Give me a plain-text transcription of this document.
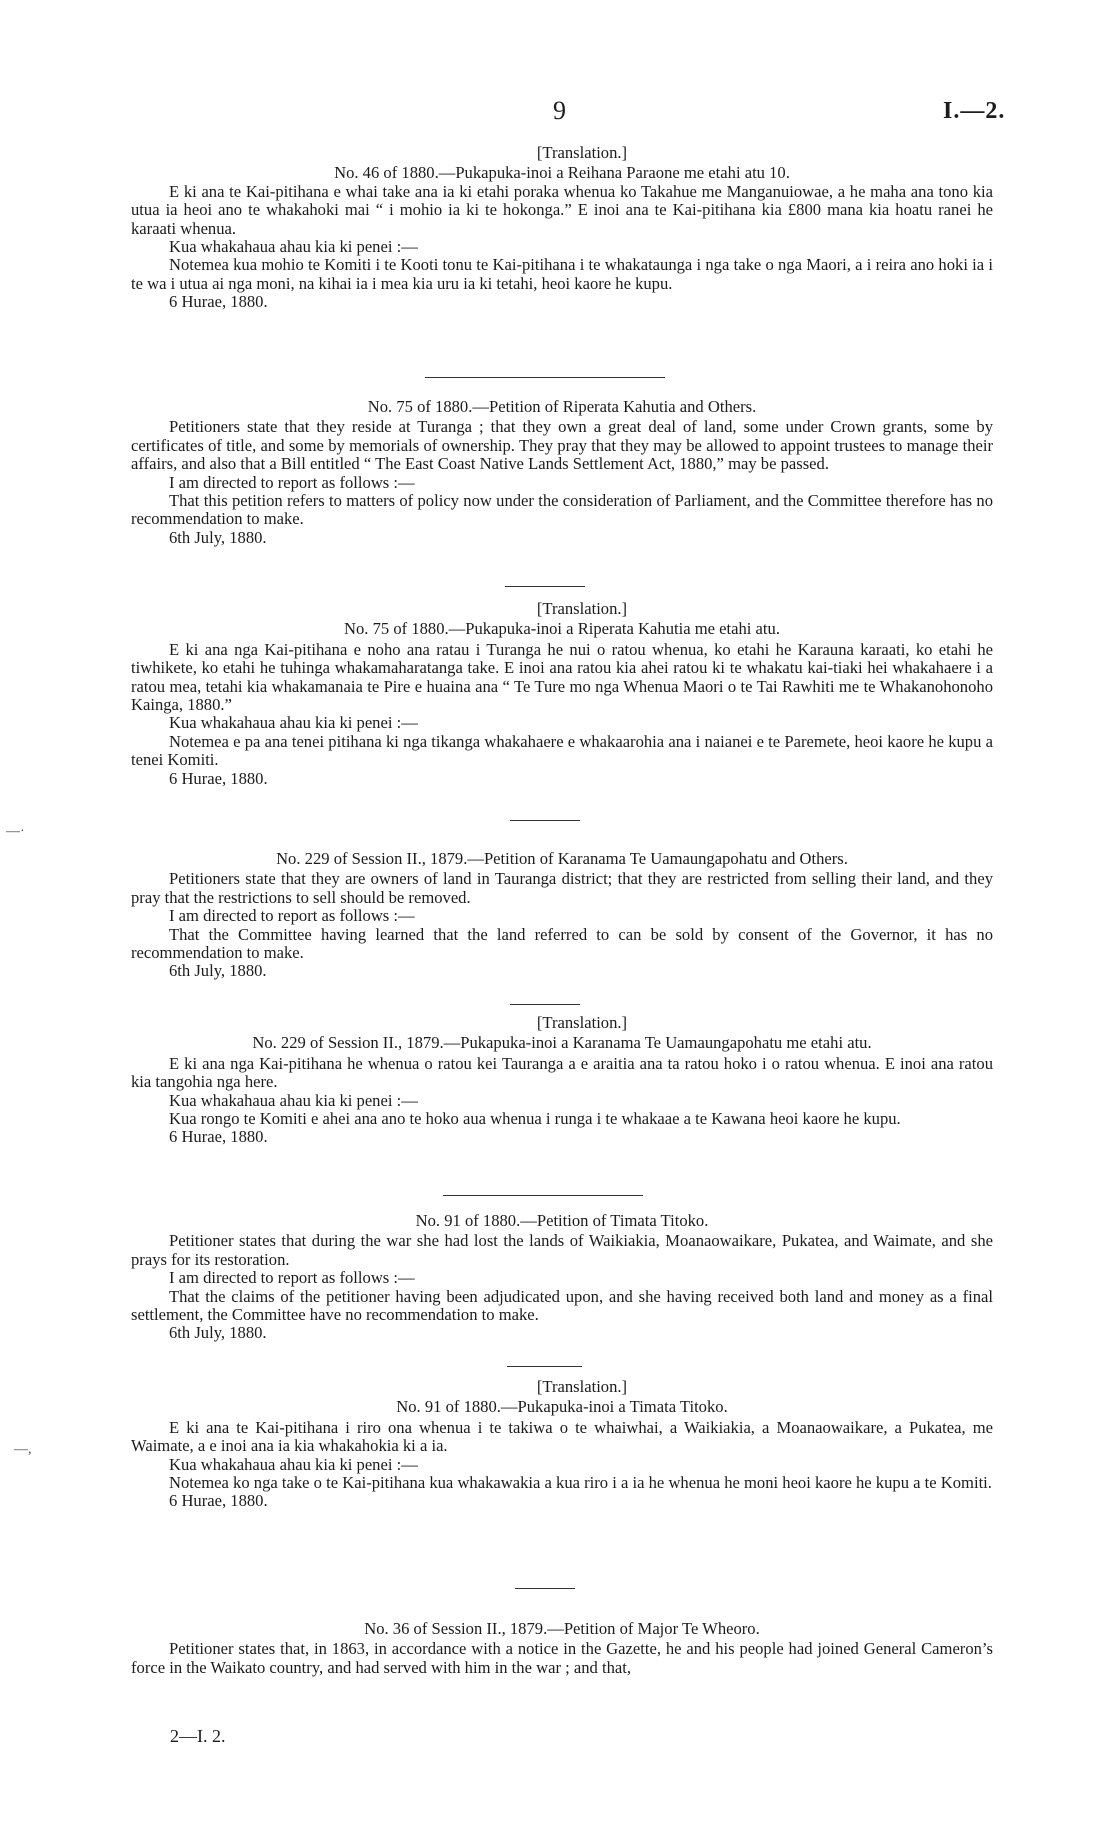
9	I.—2.

[Translation.]

No. 46 of 1880.—Pukapuka-inoi a Reihana Paraone me etahi atu 10.

E ki ana te Kai-pitihana e whai take ana ia ki etahi poraka whenua ko Takahue me Manganuiowae, a he maha ana tono kia utua ia heoi ano te whakahoki mai “ i mohio ia ki te hokonga.” E inoi ana te Kai-pitihana kia £800 mana kia hoatu ranei he karaati whenua.

Kua whakahaua ahau kia ki penei :—

Notemea kua mohio te Komiti i te Kooti tonu te Kai-pitihana i te whakataunga i nga take o nga Maori, a i reira ano hoki ia i te wa i utua ai nga moni, na kihai ia i mea kia uru ia ki tetahi, heoi kaore he kupu.

6 Hurae, 1880.

No. 75 of 1880.—Petition of Riperata Kahutia and Others.

Petitioners state that they reside at Turanga ; that they own a great deal of land, some under Crown grants, some by certificates of title, and some by memorials of ownership. They pray that they may be allowed to appoint trustees to manage their affairs, and also that a Bill entitled “ The East Coast Native Lands Settlement Act, 1880,” may be passed.

I am directed to report as follows :—

That this petition refers to matters of policy now under the consideration of Parliament, and the Committee therefore has no recommendation to make.

6th July, 1880.

[Translation.]

No. 75 of 1880.—Pukapuka-inoi a Riperata Kahutia me etahi atu.

E ki ana nga Kai-pitihana e noho ana ratau i Turanga he nui o ratou whenua, ko etahi he Karauna karaati, ko etahi he tiwhikete, ko etahi he tuhinga whakamaharatanga take. E inoi ana ratou kia ahei ratou ki te whakatu kai-tiaki hei whakahaere i a ratou mea, tetahi kia whakamanaia te Pire e huaina ana “ Te Ture mo nga Whenua Maori o te Tai Rawhiti me te Whakanohonoho Kainga, 1880.”

Kua whakahaua ahau kia ki penei :—

Notemea e pa ana tenei pitihana ki nga tikanga whakahaere e whakaarohia ana i naianei e te Paremete, heoi kaore he kupu a tenei Komiti.

6 Hurae, 1880.

No. 229 of Session II., 1879.—Petition of Karanama Te Uamaungapohatu and Others.

Petitioners state that they are owners of land in Tauranga district; that they are restricted from selling their land, and they pray that the restrictions to sell should be removed.

I am directed to report as follows :—

That the Committee having learned that the land referred to can be sold by consent of the Governor, it has no recommendation to make.

6th July, 1880.

[Translation.]

No. 229 of Session II., 1879.—Pukapuka-inoi a Karanama Te Uamaungapohatu me etahi atu.

E ki ana nga Kai-pitihana he whenua o ratou kei Tauranga a e araitia ana ta ratou hoko i o ratou whenua. E inoi ana ratou kia tangohia nga here.

Kua whakahaua ahau kia ki penei :—

Kua rongo te Komiti e ahei ana ano te hoko aua whenua i runga i te whakaae a te Kawana heoi kaore he kupu.

6 Hurae, 1880.

No. 91 of 1880.—Petition of Timata Titoko.

Petitioner states that during the war she had lost the lands of Waikiakia, Moanaowaikare, Pukatea, and Waimate, and she prays for its restoration.

I am directed to report as follows :—

That the claims of the petitioner having been adjudicated upon, and she having received both land and money as a final settlement, the Committee have no recommendation to make.

6th July, 1880.

[Translation.]

No. 91 of 1880.—Pukapuka-inoi a Timata Titoko.

E ki ana te Kai-pitihana i riro ona whenua i te takiwa o te whaiwhai, a Waikiakia, a Moanaowaikare, a Pukatea, me Waimate, a e inoi ana ia kia whakahokia ki a ia.

Kua whakahaua ahau kia ki penei :—

Notemea ko nga take o te Kai-pitihana kua whakawakia a kua riro i a ia he whenua he moni heoi kaore he kupu a te Komiti.

6 Hurae, 1880.

No. 36 of Session II., 1879.—Petition of Major Te Wheoro.

Petitioner states that, in 1863, in accordance with a notice in the Gazette, he and his people had joined General Cameron’s force in the Waikato country, and had served with him in the war ; and that,

2—I. 2.
—·
—,
